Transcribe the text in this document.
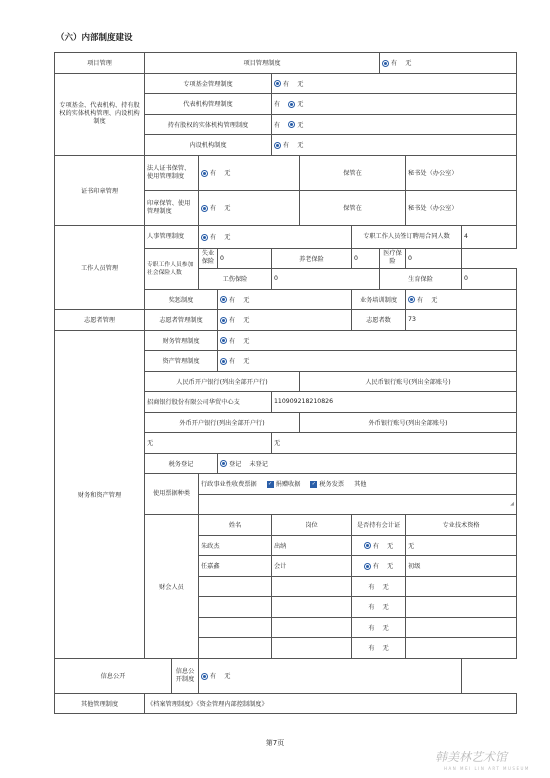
（六）内部制度建设
项目管理	项目管理制度							有 无		
专项基金、代表机构、持有股权的实体机构管理、内设机构制度	专项基金管理制度				有 无					
	代表机构管理制度				有 无					
	持有股权的实体机构管理制度				有 无					
	内设机构制度				有 无					
证书印章管理	法人证书保管、使用管理制度		有 无			保管在			秘书处（办公室）	
	印章保管、使用管理制度		有 无			保管在			秘书处（办公室）	
工作人员管理	人事管理制度		有 无				专职工作人员签订聘用合同人数			4
	专职工作人员参加社会保险人数		失业保险	0	养老保险		0	医疗保险	0	
			工伤保险		0			生育保险		0
	奖惩制度			有 无			业务培训制度		有 无	
志愿者管理	志愿者管理制度			有 无			志愿者数		73	
财务和资产管理	财务管理制度			有 无						
	资产管理制度			有 无						
	人民币开户银行(列出全部开户行)					人民币银行账号(列出全部账号)				
	招商银行股份有限公司华贸中心支				110909218210826					
	外币开户银行(列出全部开户行)					外币银行账号(列出全部账号)				
	无				无					
	税务登记			登记 未登记						
	使用票据种类		行政事业性收费票据 ✓ 捐赠收据 ✓ 税务发票 其他							

			◢							

	财会人员		姓名		岗位		是否持有会计证		专业技术资格	
			朱政杰		出纳		有 无		无	
			任嘉鑫		会计		有 无		初级	
							有 无			
							有 无			
							有 无			
							有 无			
信息公开		信息公开制度	有 无							
其他管理制度	《档案管理制度》《资金管理内部控制制度》									
第7页
韩美林艺术馆
HAN MEI LIN ART MUSEUM
